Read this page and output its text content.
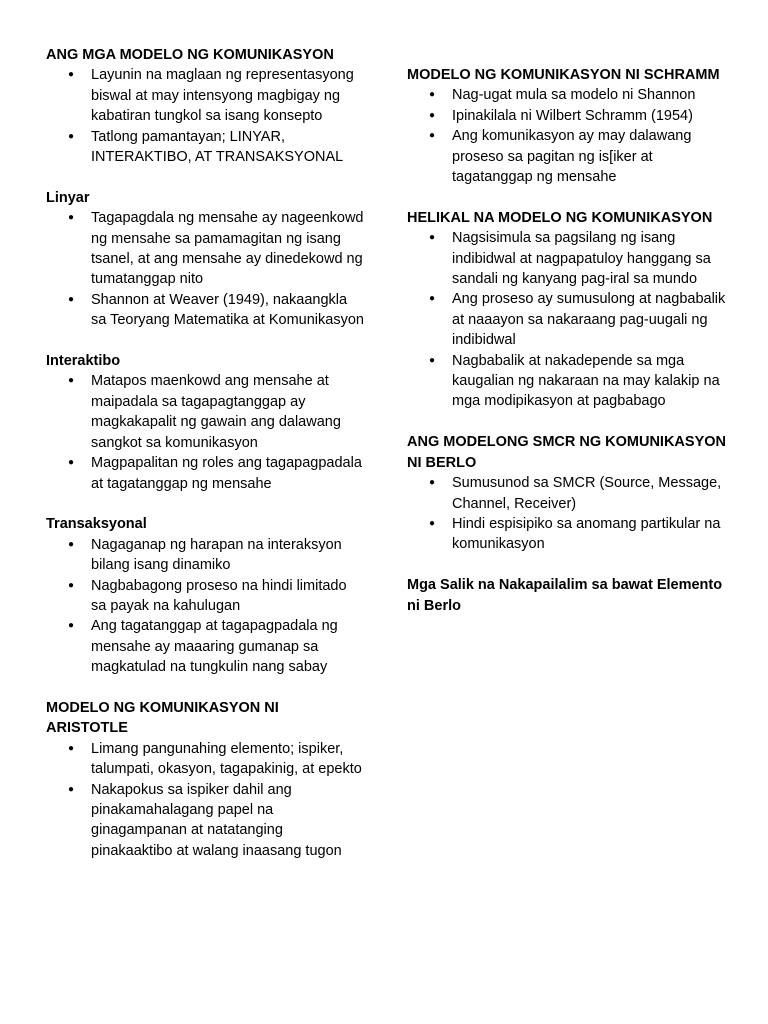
ANG MGA MODELO NG KOMUNIKASYON
● Layunin na maglaan ng representasyong biswal at may intensyong magbigay ng kabatiran tungkol sa isang konsepto
● Tatlong pamantayan; LINYAR, INTERAKTIBO, AT TRANSAKSYONAL
Linyar
● Tagapagdala ng mensahe ay nageenkowd ng mensahe sa pamamagitan ng isang tsanel, at ang mensahe ay dinedekowd ng tumatanggap nito
● Shannon at Weaver (1949), nakaangkla sa Teoryang Matematika at Komunikasyon
Interaktibo
● Matapos maenkowd ang mensahe at maipadala sa tagapagtanggap ay magkakapalit ng gawain ang dalawang sangkot sa komunikasyon
● Magpapalitan ng roles ang tagapagpadala at tagatanggap ng mensahe
Transaksyonal
● Nagaganap ng harapan na interaksyon bilang isang dinamiko
● Nagbabagong proseso na hindi limitado sa payak na kahulugan
● Ang tagatanggap at tagapagpadala ng mensahe ay maaaring gumanap sa magkatulad na tungkulin nang sabay
MODELO NG KOMUNIKASYON NI ARISTOTLE
● Limang pangunahing elemento; ispiker, talumpati, okasyon, tagapakinig, at epekto
● Nakapokus sa ispiker dahil ang pinakamahalagang papel na ginagampanan at natatanging pinakaaktibo at walang inaasang tugon
MODELO NG KOMUNIKASYON NI SCHRAMM
● Nag-ugat mula sa modelo ni Shannon
● Ipinakilala ni Wilbert Schramm (1954)
● Ang komunikasyon ay may dalawang proseso sa pagitan ng is[iker at tagatanggap ng mensahe
HELIKAL NA MODELO NG KOMUNIKASYON
● Nagsisimula sa pagsilang ng isang indibidwal at nagpapatuloy hanggang sa sandali ng kanyang pag-iral sa mundo
● Ang proseso ay sumusulong at nagbabalik at naaayon sa nakaraang pag-uugali ng indibidwal
● Nagbabalik at nakadepende sa mga kaugalian ng nakaraan na may kalakip na mga modipikasyon at pagbabago
ANG MODELONG SMCR NG KOMUNIKASYON NI BERLO
● Sumusunod sa SMCR (Source, Message, Channel, Receiver)
● Hindi espisipiko sa anomang partikular na komunikasyon
Mga Salik na Nakapailalim sa bawat Elemento ni Berlo
